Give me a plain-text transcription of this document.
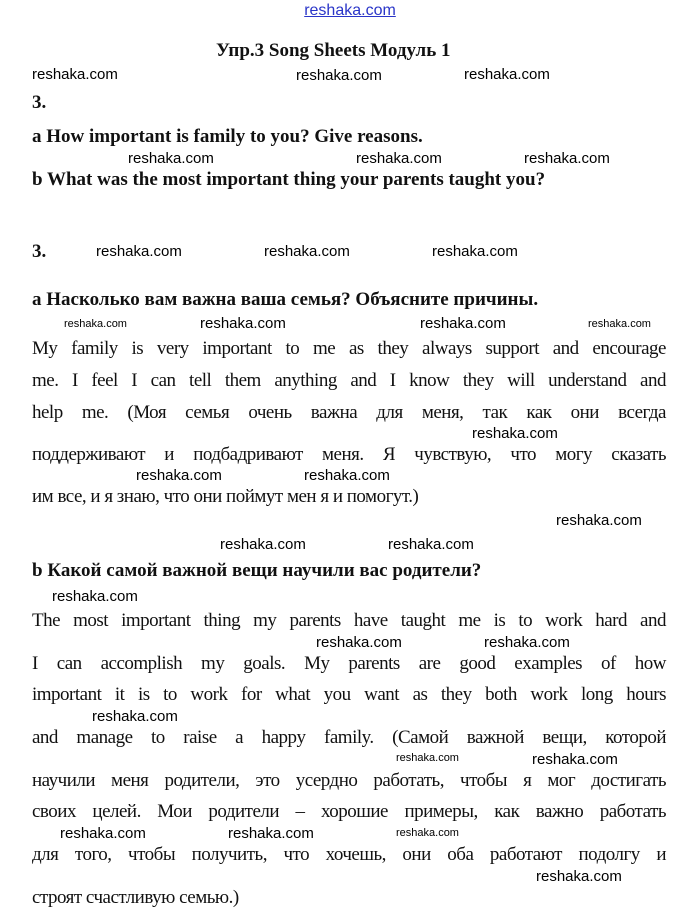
reshaka.com
Упр.3 Song Sheets Модуль 1
3.
a How important is family to you? Give reasons.
b What was the most important thing your parents taught you?
3.
a Насколько вам важна ваша семья? Объясните причины.
My family is very important to me as they always support and encourage
me. I feel I can tell them anything and I know they will understand and
help me. (Моя семья очень важна для меня, так как они всегда
поддерживают и подбадривают меня. Я чувствую, что могу сказать
им все, и я знаю, что они поймут мен я и помогут.)
b Какой самой важной вещи научили вас родители?
The most important thing my parents have taught me is to work hard and
I can accomplish my goals. My parents are good examples of how
important it is to work for what you want as they both work long hours
and manage to raise a happy family. (Самой важной вещи, которой
научили меня родители, это усердно работать, чтобы я мог достигать
своих целей. Мои родители – хорошие примеры, как важно работать
для того, чтобы получить, что хочешь, они оба работают подолгу и
строят счастливую семью.)
reshaka.com	reshaka.com	reshaka.com
reshaka.com	reshaka.com	reshaka.com
reshaka.com	reshaka.com	reshaka.com
reshaka.com	reshaka.com	reshaka.com	reshaka.com
reshaka.com
reshaka.com	reshaka.com
reshaka.com
reshaka.com	reshaka.com
reshaka.com
reshaka.com	reshaka.com
reshaka.com
reshaka.com	reshaka.com
reshaka.com	reshaka.com	reshaka.com
reshaka.com
